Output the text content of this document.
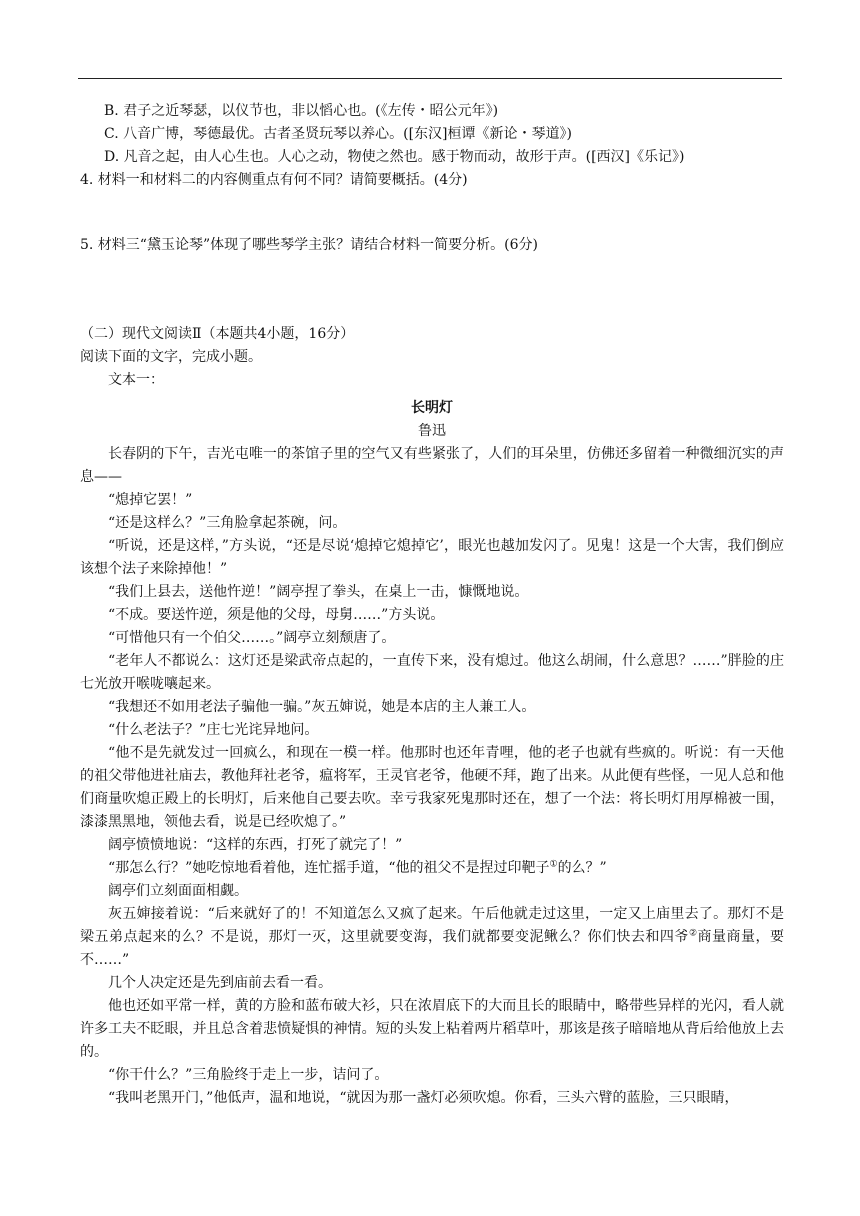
B. 君子之近琴瑟，以仪节也，非以慆心也。(《左传・昭公元年》)
C. 八音广博，琴德最优。古者圣贤玩琴以养心。([东汉]桓谭《新论・琴道》)
D. 凡音之起，由人心生也。人心之动，物使之然也。感于物而动，故形于声。([西汉]《乐记》)
4. 材料一和材料二的内容侧重点有何不同？请简要概括。(4分)
5. 材料三“黛玉论琴”体现了哪些琴学主张？请结合材料一简要分析。(6分)
（二）现代文阅读Ⅱ（本题共4小题，16分）
阅读下面的文字，完成小题。
文本一：
长明灯
鲁迅
长春阴的下午，吉光屯唯一的茶馆子里的空气又有些紧张了，人们的耳朵里，仿佛还多留着一种微细沉实的声息——
“熄掉它罢！”
“还是这样么？”三角脸拿起茶碗，问。
“听说，还是这样，”方头说，“还是尽说‘熄掉它熄掉它’，眼光也越加发闪了。见鬼！这是一个大害，我们倒应该想个法子来除掉他！”
“我们上县去，送他忤逆！”阔亭捏了拳头，在桌上一击，慷慨地说。
“不成。要送忤逆，须是他的父母，母舅……”方头说。
“可惜他只有一个伯父……。”阔亭立刻颓唐了。
“老年人不都说么：这灯还是梁武帝点起的，一直传下来，没有熄过。他这么胡闹，什么意思？……”胖脸的庄七光放开喉咙嚷起来。
“我想还不如用老法子骗他一骗。”灰五婶说，她是本店的主人兼工人。
“什么老法子？”庄七光诧异地问。
“他不是先就发过一回疯么，和现在一模一样。他那时也还年青哩，他的老子也就有些疯的。听说：有一天他的祖父带他进社庙去，教他拜社老爷，瘟将军，王灵官老爷，他硬不拜，跑了出来。从此便有些怪，一见人总和他们商量吹熄正殿上的长明灯，后来他自己要去吹。幸亏我家死鬼那时还在，想了一个法：将长明灯用厚棉被一围，漆漆黑黑地，领他去看，说是已经吹熄了。”
阔亭愤愤地说：“这样的东西，打死了就完了！”
“那怎么行？”她吃惊地看着他，连忙摇手道，“他的祖父不是捏过印靶子①的么？”
阔亭们立刻面面相觑。
灰五婶接着说：“后来就好了的！不知道怎么又疯了起来。午后他就走过这里，一定又上庙里去了。那灯不是梁五弟点起来的么？不是说，那灯一灭，这里就要变海，我们就都要变泥鳅么？你们快去和四爷②商量商量，要不……”
几个人决定还是先到庙前去看一看。
他也还如平常一样，黄的方脸和蓝布破大衫，只在浓眉底下的大而且长的眼睛中，略带些异样的光闪，看人就许多工夫不眨眼，并且总含着悲愤疑惧的神情。短的头发上粘着两片稻草叶，那该是孩子暗暗地从背后给他放上去的。
“你干什么？”三角脸终于走上一步，诘问了。
“我叫老黑开门，”他低声，温和地说，“就因为那一盏灯必须吹熄。你看，三头六臂的蓝脸，三只眼睛，
